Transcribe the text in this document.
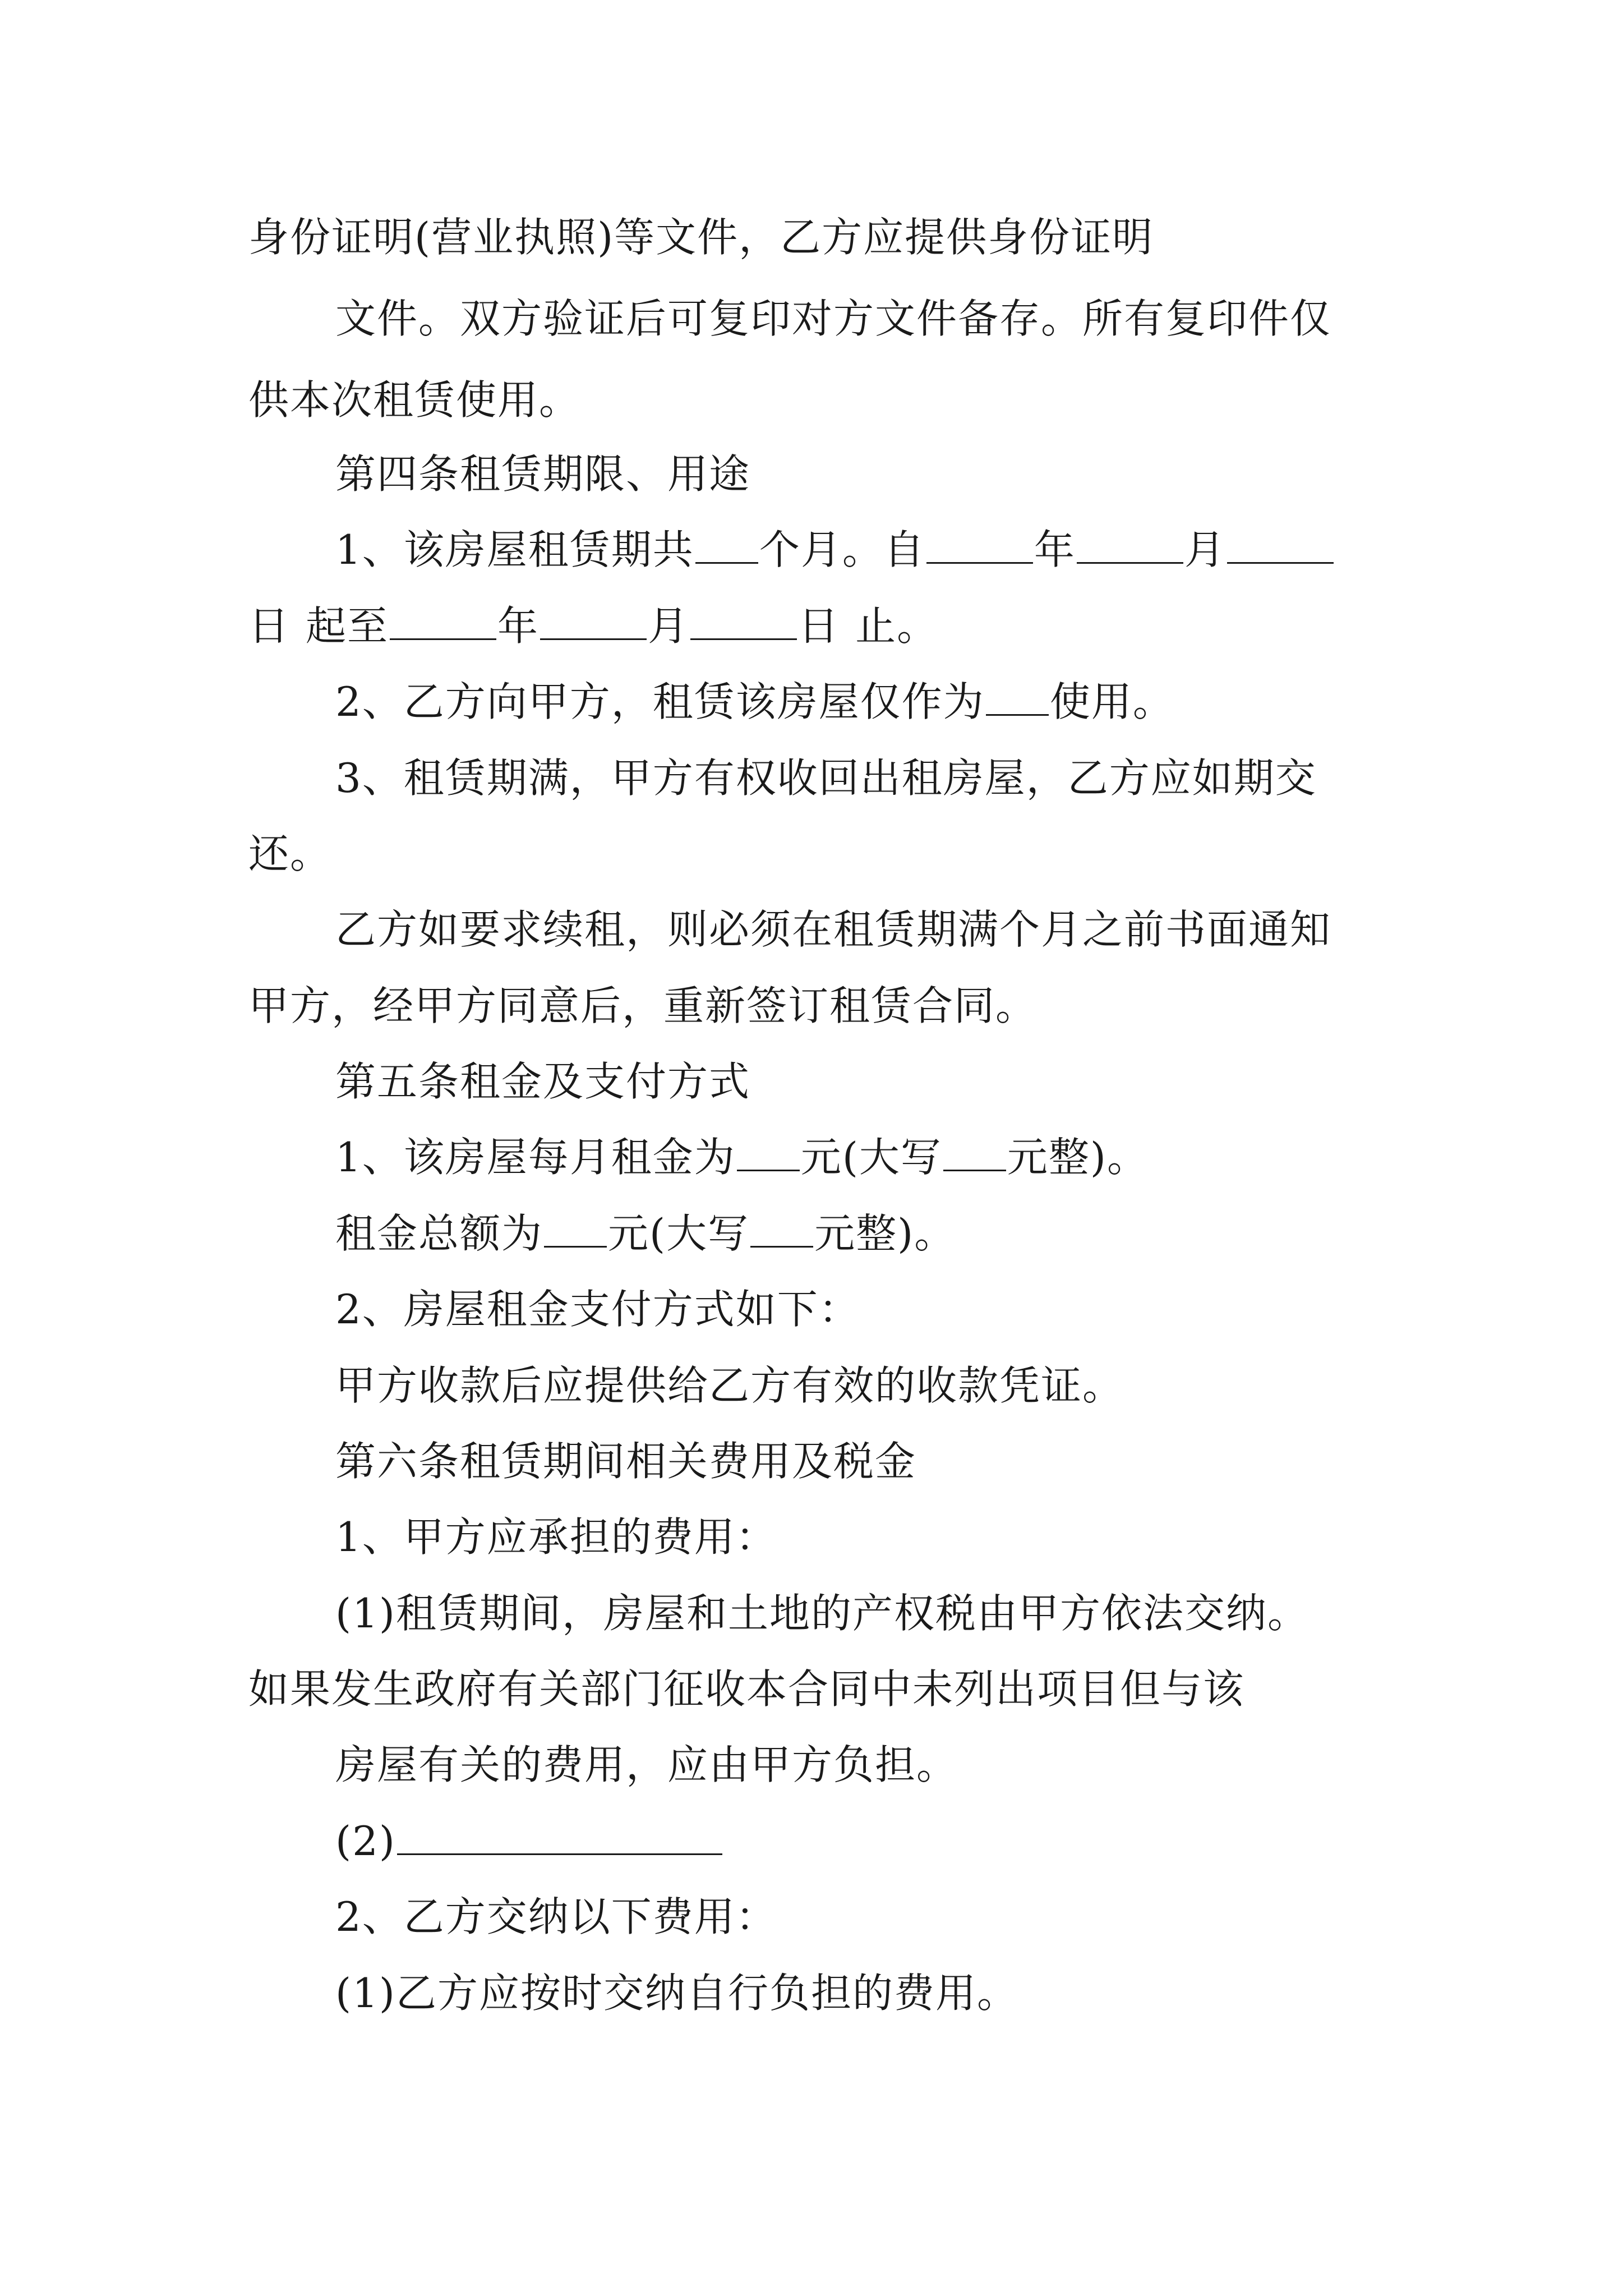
身份证明(营业执照)等文件，乙方应提供身份证明
文件。双方验证后可复印对方文件备存。所有复印件仅
供本次租赁使用。
第四条租赁期限、用途
1、该房屋租赁期共 个月。自	年	月
日 起至	年	月	日 止。
2、乙方向甲方，租赁该房屋仅作为 使用。
3、租赁期满，甲方有权收回出租房屋，乙方应如期交
还。
乙方如要求续租，则必须在租赁期满个月之前书面通知
甲方，经甲方同意后，重新签订租赁合同。
第五条租金及支付方式
1、该房屋每月租金为 元(大写 元整)。
租金总额为 元(大写 元整)。
2、房屋租金支付方式如下：
甲方收款后应提供给乙方有效的收款凭证。
第六条租赁期间相关费用及税金
1、甲方应承担的费用：
(1)租赁期间，房屋和土地的产权税由甲方依法交纳。
如果发生政府有关部门征收本合同中未列出项目但与该
房屋有关的费用，应由甲方负担。
(2)
2、乙方交纳以下费用：
(1)乙方应按时交纳自行负担的费用。
